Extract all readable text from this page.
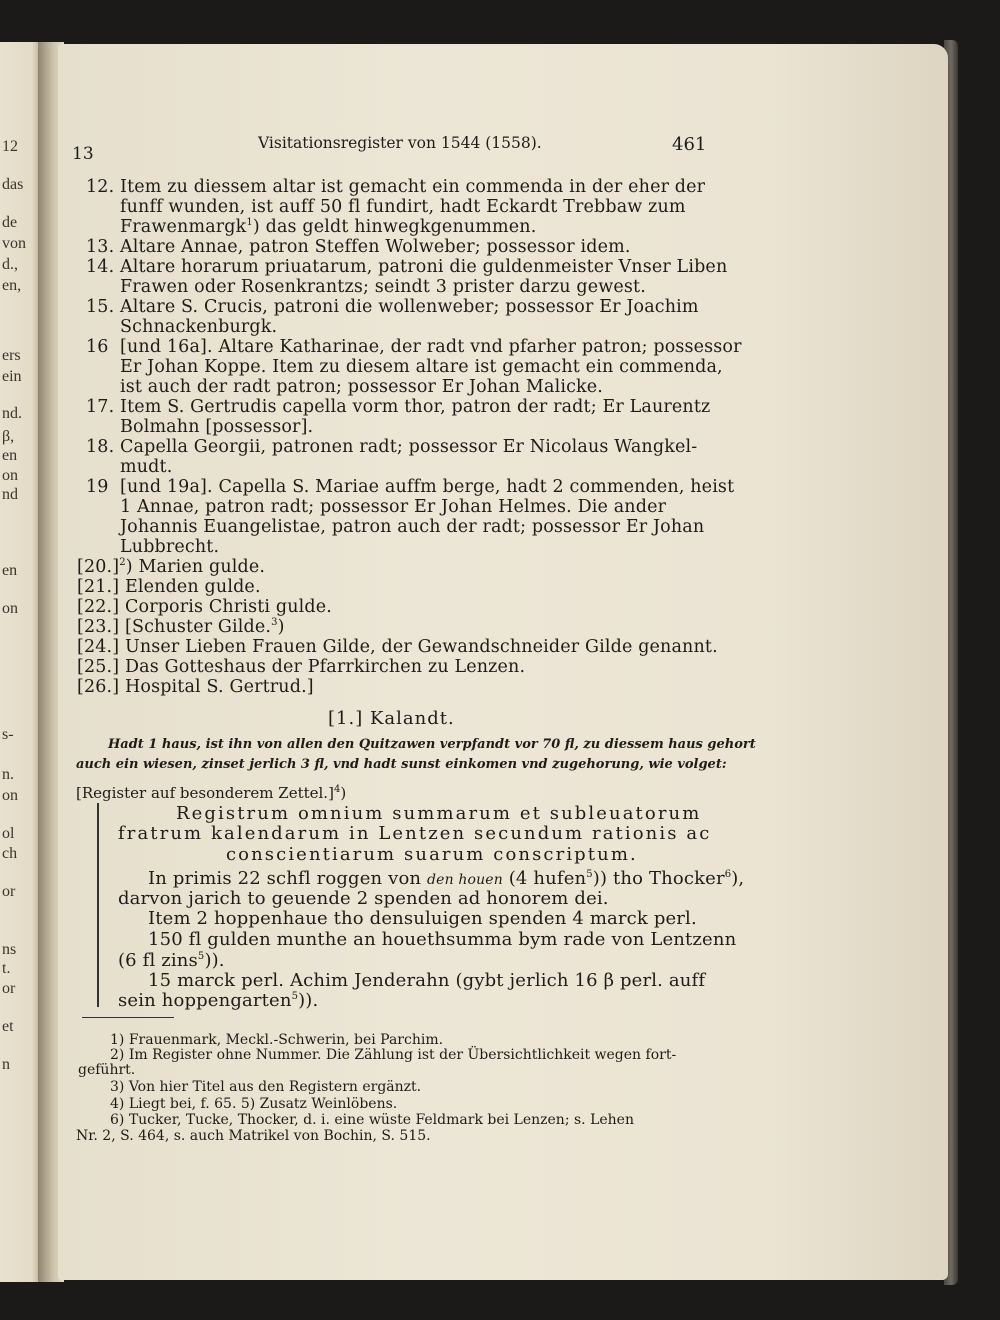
12
das
de
von
d.,
en,
ers
ein
nd.
β,
en
on
nd
en
on
s-
n.
on
ol
ch
or
ns
t.
or
et
n
13
Visitationsregister von 1544 (1558).	461
12. Item zu diessem altar ist gemacht ein commenda in der eher der
funff wunden, ist auff 50 fl fundirt, hadt Eckardt Trebbaw zum
Frawenmargk$^1$) das geldt hinwegkgenummen.
13. Altare Annae, patron Steffen Wolweber; possessor idem.
14. Altare horarum priuatarum, patroni die guldenmeister Vnser Liben
Frawen oder Rosenkrantzs; seindt 3 prister darzu gewest.
15. Altare S. Crucis, patroni die wollenweber; possessor Er Joachim
Schnackenburgk.
16 [und 16a]. Altare Katharinae, der radt vnd pfarher patron; possessor
Er Johan Koppe. Item zu diesem altare ist gemacht ein commenda,
ist auch der radt patron; possessor Er Johan Malicke.
17. Item S. Gertrudis capella vorm thor, patron der radt; Er Laurentz
Bolmahn [possessor].
18. Capella Georgii, patronen radt; possessor Er Nicolaus Wangkel-
mudt.
19 [und 19a]. Capella S. Mariae auffm berge, hadt 2 commenden, heist
1 Annae, patron radt; possessor Er Johan Helmes. Die ander
Johannis Euangelistae, patron auch der radt; possessor Er Johan
Lubbrecht.
$[20.]^2$) Marien gulde.
[21.] Elenden gulde.
[22.] Corporis Christi gulde.
[23.] [Schuster Gilde.$^3$)
[24.] Unser Lieben Frauen Gilde, der Gewandschneider Gilde genannt.
[25.] Das Gotteshaus der Pfarrkirchen zu Lenzen.
[26.] Hospital S. Gertrud.]
[1.] Kalandt.
Hadt 1 haus, ist ihn von allen den Quitzawen verpfandt vor 70 fl, zu diessem haus gehort
auch ein wiesen, zinset jerlich 3 fl, vnd hadt sunst einkomen vnd zugehorung, wie volget:
[Register auf besonderem Zettel.]$^4$)
Registrum omnium summarum et subleuatorum
fratrum kalendarum in Lentzen secundum rationis ac
conscientiarum suarum conscriptum.
In primis 22 schfl roggen von den houen (4 hufen$^5$)) tho Thocker$^6$),
darvon jarich to geuende 2 spenden ad honorem dei.
Item 2 hoppenhaue tho densuluigen spenden 4 marck perl.
150 fl gulden munthe an houethsumma bym rade von Lentzenn
(6 fl zins$^5$)).
15 marck perl. Achim Jenderahn (gybt jerlich 16 β perl. auff
sein hoppengarten$^5$)).
1) Frauenmark, Meckl.-Schwerin, bei Parchim.
2) Im Register ohne Nummer. Die Zählung ist der Übersichtlichkeit wegen fort-
geführt.
3) Von hier Titel aus den Registern ergänzt.
4) Liegt bei, f. 65. 5) Zusatz Weinlöbens.
6) Tucker, Tucke, Thocker, d. i. eine wüste Feldmark bei Lenzen; s. Lehen
Nr. 2, S. 464, s. auch Matrikel von Bochin, S. 515.
